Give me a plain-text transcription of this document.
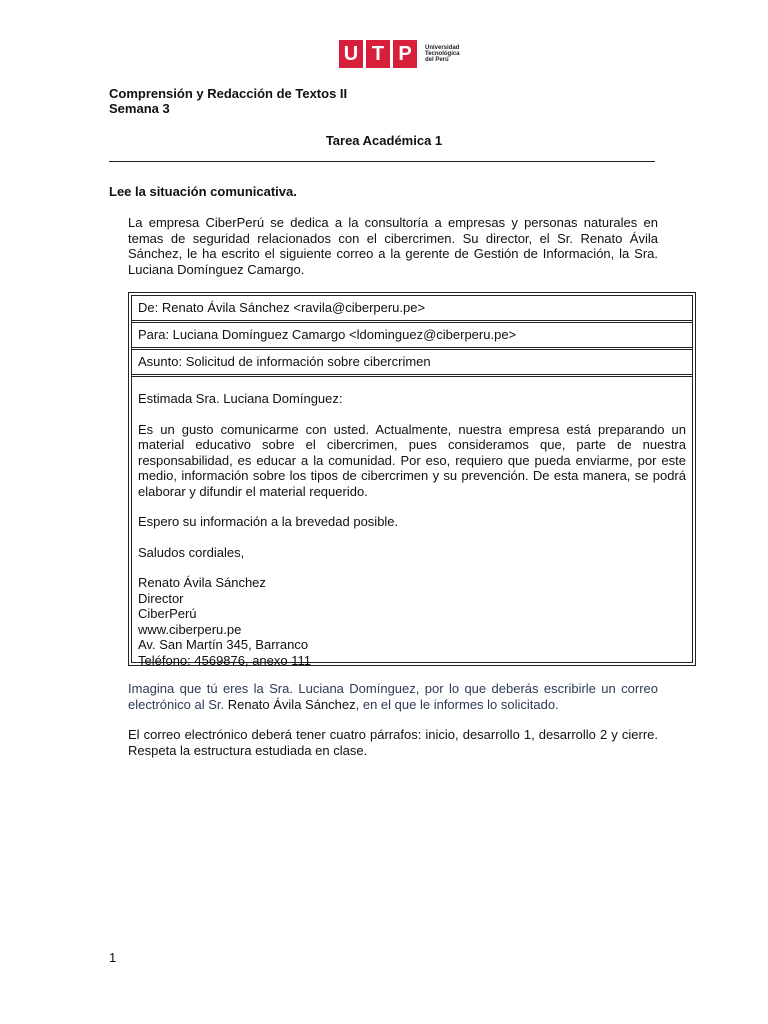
U T P	Universidad
Tecnológica
del Perú
Comprensión y Redacción de Textos II
Semana 3
Tarea Académica 1
Lee la situación comunicativa.
La empresa CiberPerú se dedica a la consultoría a empresas y personas naturales en temas de seguridad relacionados con el cibercrimen. Su director, el Sr. Renato Ávila Sánchez, le ha escrito el siguiente correo a la gerente de Gestión de Información, la Sra. Luciana Domínguez Camargo.
De: Renato Ávila Sánchez <ravila@ciberperu.pe>
Para: Luciana Domínguez Camargo <ldominguez@ciberperu.pe>
Asunto: Solicitud de información sobre cibercrimen

Estimada Sra. Luciana Domínguez:

Es un gusto comunicarme con usted. Actualmente, nuestra empresa está preparando un material educativo sobre el cibercrimen, pues consideramos que, parte de nuestra responsabilidad, es educar a la comunidad. Por eso, requiero que pueda enviarme, por este medio, información sobre los tipos de cibercrimen y su prevención. De esta manera, se podrá elaborar y difundir el material requerido.

Espero su información a la brevedad posible.

Saludos cordiales,

Renato Ávila Sánchez
Director
CiberPerú
www.ciberperu.pe
Av. San Martín 345, Barranco
Teléfono: 4569876, anexo 111
Imagina que tú eres la Sra. Luciana Domínguez, por lo que deberás escribirle un correo electrónico al Sr. Renato Ávila Sánchez, en el que le informes lo solicitado.
El correo electrónico deberá tener cuatro párrafos: inicio, desarrollo 1, desarrollo 2 y cierre. Respeta la estructura estudiada en clase.
1
